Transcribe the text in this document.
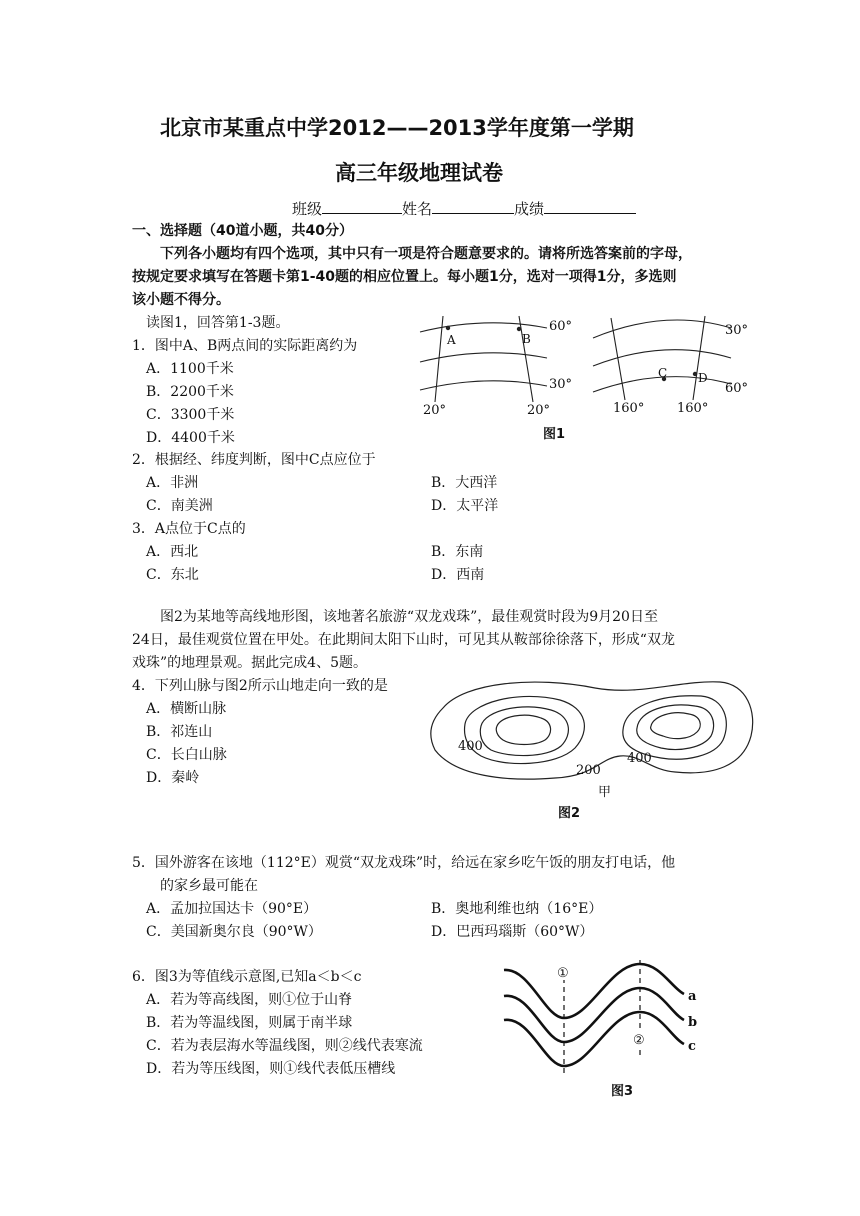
北京市某重点中学2012——2013学年度第一学期
高三年级地理试卷
班级	姓名	成绩
一、选择题（40道小题，共40分）
下列各小题均有四个选项，其中只有一项是符合题意要求的。请将所选答案前的字母，
按规定要求填写在答题卡第1-40题的相应位置上。每小题1分，选对一项得1分，多选则
该小题不得分。
读图1，回答第1-3题。
1．图中A、B两点间的实际距离约为
A．1100千米
B．2200千米
C．3300千米
D．4400千米
60°
30°
20°	20°
A	B
30°
60°
160°	160°
C	D
图1
2．根据经、纬度判断，图中C点应位于
A．非洲	B．大西洋
C．南美洲	D．太平洋
3．A点位于C点的
A．西北	B．东南
C．东北	D．西南
图2为某地等高线地形图，该地著名旅游“双龙戏珠”，最佳观赏时段为9月20日至
24日，最佳观赏位置在甲处。在此期间太阳下山时，可见其从鞍部徐徐落下，形成“双龙
戏珠”的地理景观。据此完成4、5题。
4．下列山脉与图2所示山地走向一致的是
A．横断山脉
B．祁连山
C．长白山脉
D．秦岭
400
400
200
甲
图2
5．国外游客在该地（112°E）观赏“双龙戏珠”时，给远在家乡吃午饭的朋友打电话，他
的家乡最可能在
A．孟加拉国达卡（90°E）	B．奥地利维也纳（16°E）
C．美国新奥尔良（90°W）	D．巴西玛瑙斯（60°W）
6．图3为等值线示意图,已知a＜b＜c
A．若为等高线图，则①位于山脊
B．若为等温线图，则属于南半球
C．若为表层海水等温线图，则②线代表寒流
D．若为等压线图，则①线代表低压槽线
①
②
a
b
c
图3
